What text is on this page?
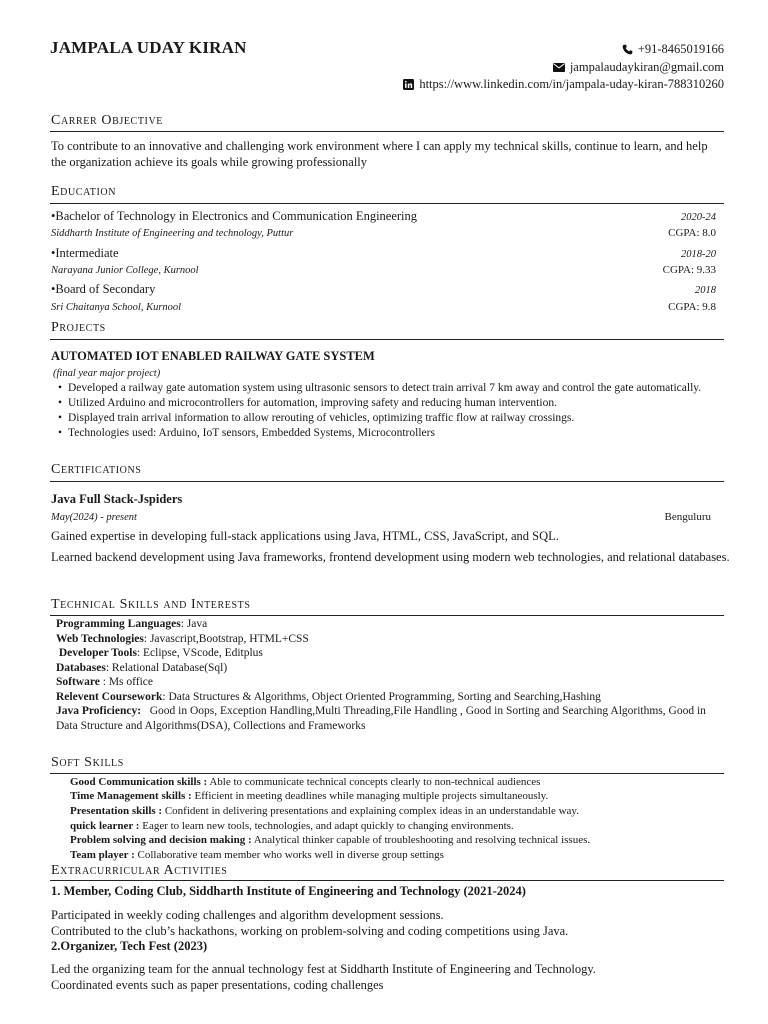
JAMPALA UDAY KIRAN	+91-8465019166
jampalaudaykiran@gmail.com
https://www.linkedin.com/in/jampala-uday-kiran-788310260
Carrer Objective
To contribute to an innovative and challenging work environment where I can apply my technical skills, continue to learn, and help the organization achieve its goals while growing professionally
Education
•Bachelor of Technology in Electronics and Communication Engineering	2020-24
Siddharth Institute of Engineering and technology, Puttur	CGPA: 8.0
•Intermediate	2018-20
Narayana Junior College, Kurnool	CGPA: 9.33
•Board of Secondary	2018
Sri Chaitanya School, Kurnool	CGPA: 9.8
Projects
AUTOMATED IOT ENABLED RAILWAY GATE SYSTEM
(final year major project)
• Developed a railway gate automation system using ultrasonic sensors to detect train arrival 7 km away and control the gate automatically.
• Utilized Arduino and microcontrollers for automation, improving safety and reducing human intervention.
• Displayed train arrival information to allow rerouting of vehicles, optimizing traffic flow at railway crossings.
• Technologies used: Arduino, IoT sensors, Embedded Systems, Microcontrollers
Certifications
Java Full Stack-Jspiders
May(2024) - present	Benguluru
Gained expertise in developing full-stack applications using Java, HTML, CSS, JavaScript, and SQL.
Learned backend development using Java frameworks, frontend development using modern web technologies, and relational databases.
Technical Skills and Interests
Programming Languages: Java
Web Technologies: Javascript,Bootstrap, HTML+CSS
Developer Tools: Eclipse, VScode, Editplus
Databases: Relational Database(Sql)
Software : Ms office
Relevent Coursework: Data Structures & Algorithms, Object Oriented Programming, Sorting and Searching,Hashing
Java Proficiency: Good in Oops, Exception Handling,Multi Threading,File Handling , Good in Sorting and Searching Algorithms, Good in Data Structure and Algorithms(DSA), Collections and Frameworks
Soft Skills
Good Communication skills : Able to communicate technical concepts clearly to non-technical audiences
Time Management skills : Efficient in meeting deadlines while managing multiple projects simultaneously.
Presentation skills : Confident in delivering presentations and explaining complex ideas in an understandable way.
quick learner : Eager to learn new tools, technologies, and adapt quickly to changing environments.
Problem solving and decision making : Analytical thinker capable of troubleshooting and resolving technical issues.
Team player : Collaborative team member who works well in diverse group settings
Extracurricular Activities
1. Member, Coding Club, Siddharth Institute of Engineering and Technology (2021-2024)
Participated in weekly coding challenges and algorithm development sessions.
Contributed to the club’s hackathons, working on problem-solving and coding competitions using Java.
2.Organizer, Tech Fest (2023)
Led the organizing team for the annual technology fest at Siddharth Institute of Engineering and Technology.
Coordinated events such as paper presentations, coding challenges
